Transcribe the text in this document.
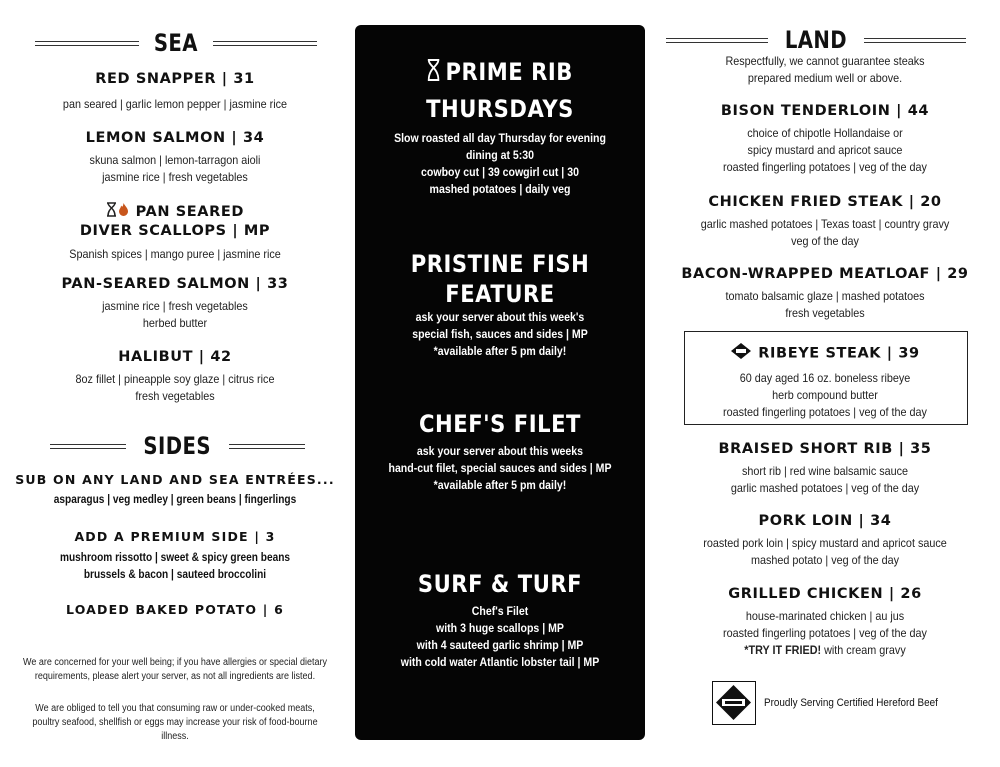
SEA
RED SNAPPER | 31
pan seared | garlic lemon pepper | jasmine rice
LEMON SALMON | 34
skuna salmon | lemon-tarragon aioli
jasmine rice | fresh vegetables
PAN SEARED
DIVER SCALLOPS | MP
Spanish spices | mango puree | jasmine rice
PAN-SEARED SALMON | 33
jasmine rice | fresh vegetables
herbed butter
HALIBUT | 42
8oz fillet | pineapple soy glaze | citrus rice
fresh vegetables
SIDES
SUB ON ANY LAND AND SEA ENTRÉES...
asparagus | veg medley | green beans | fingerlings
ADD A PREMIUM SIDE | 3
mushroom rissotto | sweet & spicy green beans
brussels & bacon | sauteed broccolini
LOADED BAKED POTATO | 6
We are concerned for your well being; if you have allergies or special dietary
requirements, please alert your server, as not all ingredients are listed.
We are obliged to tell you that consuming raw or under-cooked meats,
poultry seafood, shellfish or eggs may increase your risk of food-bourne illness.
PRIME RIB
THURSDAYS
Slow roasted all day Thursday for evening
dining at 5:30
cowboy cut | 39 cowgirl cut | 30
mashed potatoes | daily veg
PRISTINE FISH
FEATURE
ask your server about this week's
special fish, sauces and sides | MP
*available after 5 pm daily!
CHEF'S FILET
ask your server about this weeks
hand-cut filet, special sauces and sides | MP
*available after 5 pm daily!
SURF & TURF
Chef's Filet
with 3 huge scallops | MP
with 4 sauteed garlic shrimp | MP
with cold water Atlantic lobster tail | MP
LAND
Respectfully, we cannot guarantee steaks
prepared medium well or above.
BISON TENDERLOIN | 44
choice of chipotle Hollandaise or
spicy mustard and apricot sauce
roasted fingerling potatoes | veg of the day
CHICKEN FRIED STEAK | 20
garlic mashed potatoes | Texas toast | country gravy
veg of the day
BACON-WRAPPED MEATLOAF | 29
tomato balsamic glaze | mashed potatoes
fresh vegetables
RIBEYE STEAK | 39
60 day aged 16 oz. boneless ribeye
herb compound butter
roasted fingerling potatoes | veg of the day
BRAISED SHORT RIB | 35
short rib | red wine balsamic sauce
garlic mashed potatoes | veg of the day
PORK LOIN | 34
roasted pork loin | spicy mustard and apricot sauce
mashed potato | veg of the day
GRILLED CHICKEN | 26
house-marinated chicken | au jus
roasted fingerling potatoes | veg of the day
*TRY IT FRIED! with cream gravy
Proudly Serving Certified Hereford Beef
